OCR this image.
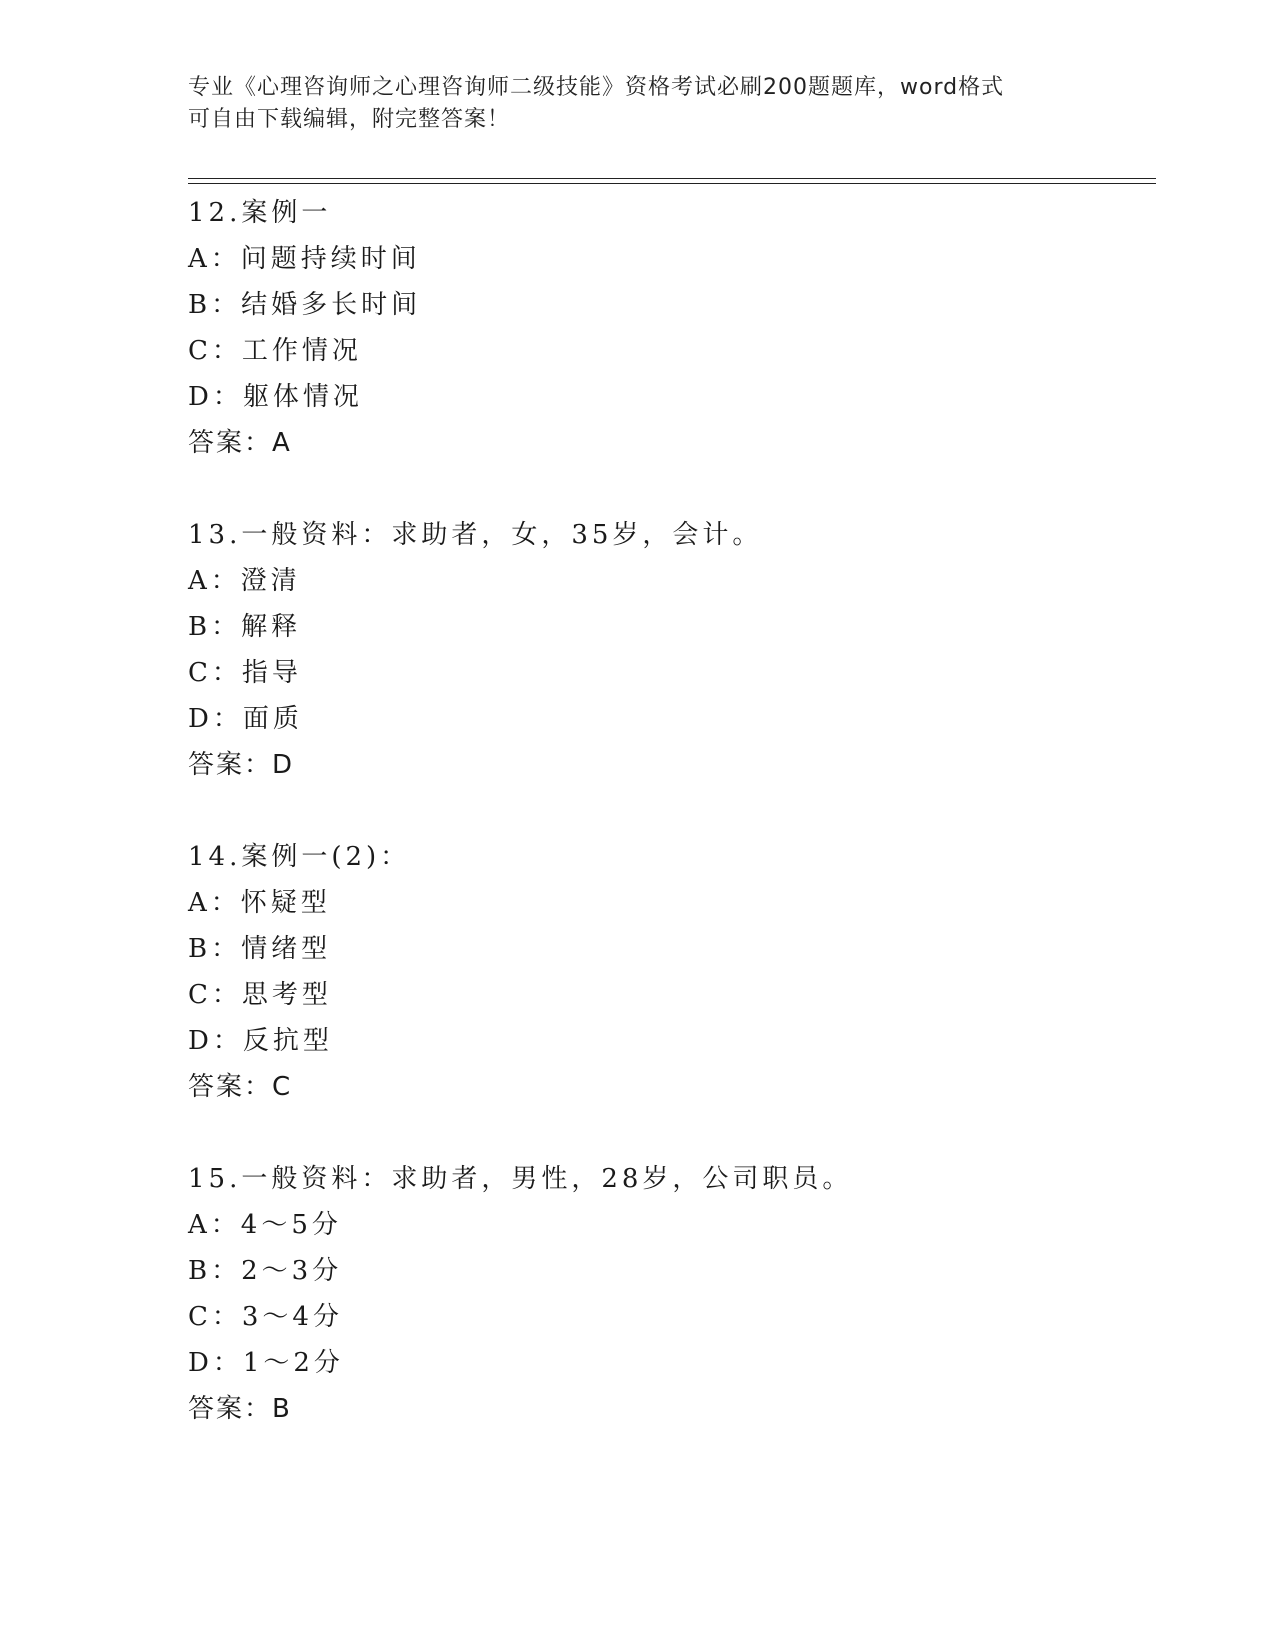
专业《心理咨询师之心理咨询师二级技能》资格考试必刷200题题库，word格式
可自由下载编辑，附完整答案！
12.案例一
A：问题持续时间
B：结婚多长时间
C：工作情况
D：躯体情况
答案：A
13.一般资料：求助者，女，35岁，会计。
A：澄清
B：解释
C：指导
D：面质
答案：D
14.案例一(2)：
A：怀疑型
B：情绪型
C：思考型
D：反抗型
答案：C
15.一般资料：求助者，男性，28岁，公司职员。
A：4～5分
B：2～3分
C：3～4分
D：1～2分
答案：B
